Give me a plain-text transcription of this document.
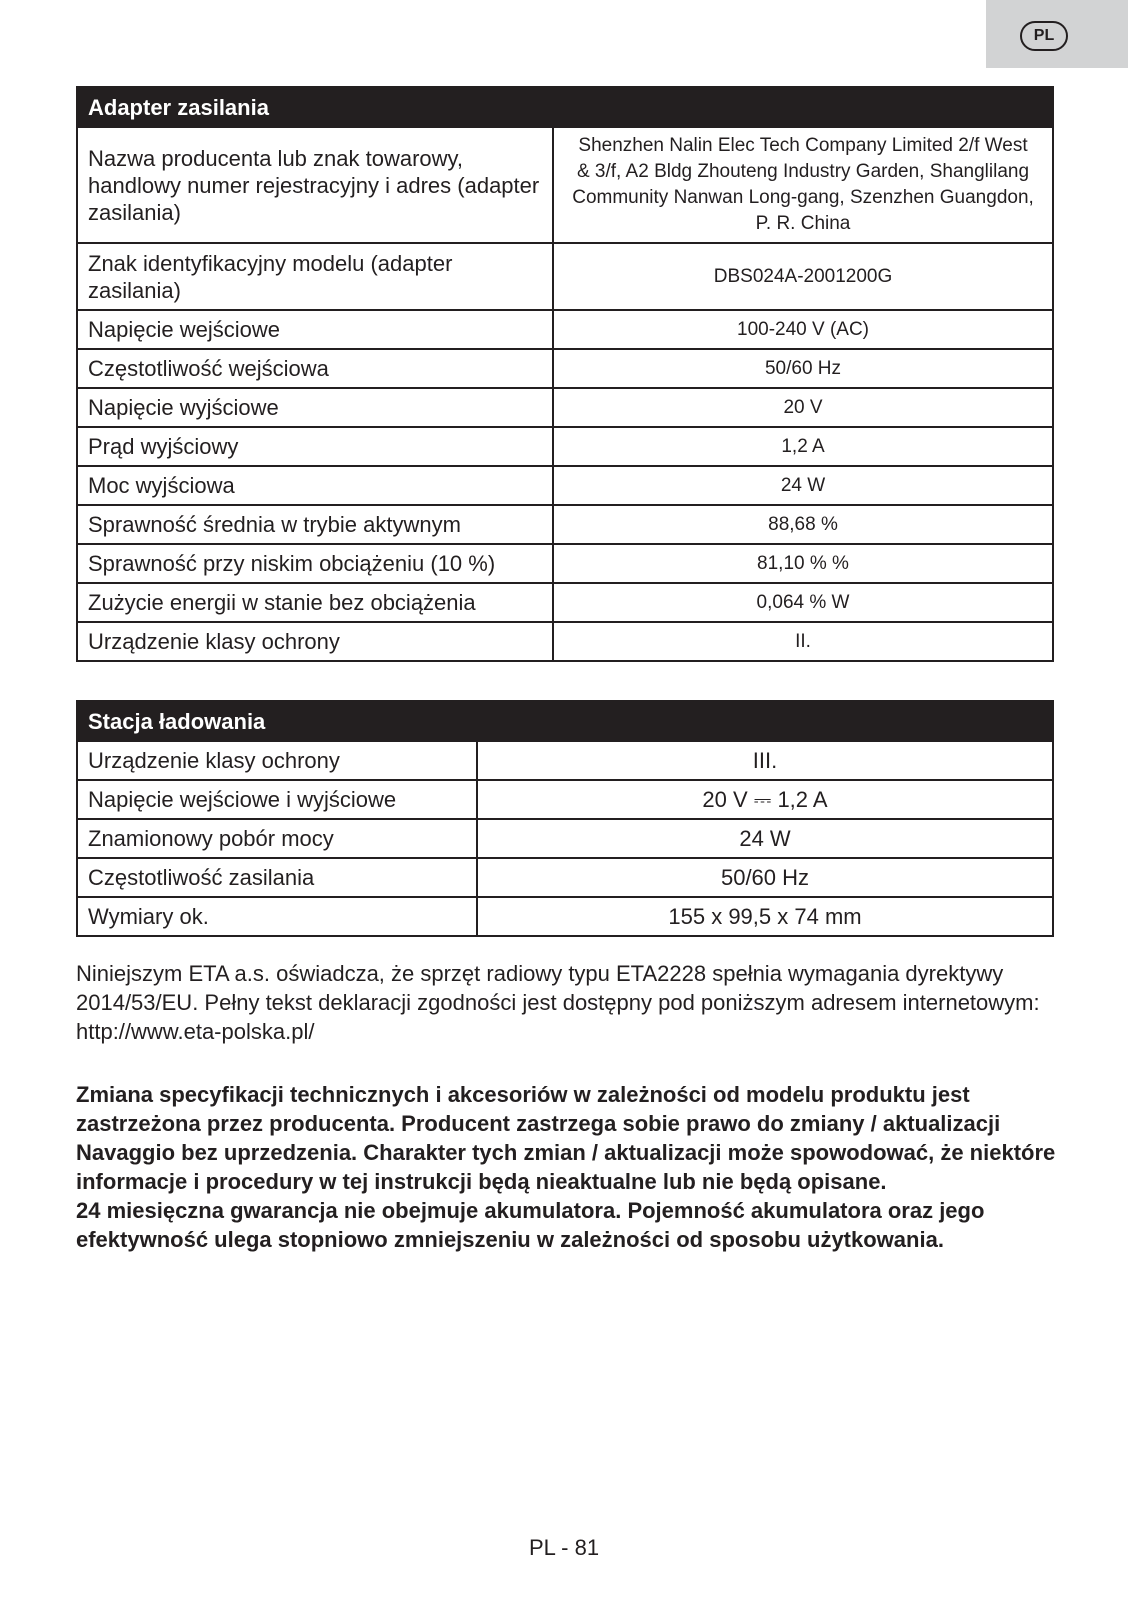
PL
Adapter zasilania	
Nazwa producenta lub znak towarowy, handlowy numer rejestracyjny i adres (adapter zasilania)	Shenzhen Nalin Elec Tech Company Limited 2/f West & 3/f, A2 Bldg Zhouteng Industry Garden, Shanglilang Community Nanwan Long-gang, Szenzhen Guangdon, P. R. China
Znak identyfikacyjny modelu (adapter zasilania)	DBS024A-2001200G
Napięcie wejściowe	100-240 V (AC)
Częstotliwość wejściowa	50/60 Hz
Napięcie wyjściowe	20 V
Prąd wyjściowy	1,2 A
Moc wyjściowa	24 W
Sprawność średnia w trybie aktywnym	88,68 %
Sprawność przy niskim obciążeniu (10 %)	81,10 % %
Zużycie energii w stanie bez obciążenia	0,064 % W
Urządzenie klasy ochrony	II.
Stacja ładowania	
Urządzenie klasy ochrony	III.
Napięcie wejściowe i wyjściowe	20 V ⎓ 1,2 A
Znamionowy pobór mocy	24 W
Częstotliwość zasilania	50/60 Hz
Wymiary ok.	155 x 99,5 x 74 mm

Niniejszym ETA a.s. oświadcza, że sprzęt radiowy typu ETA2228 spełnia wymagania dyrektywy 2014/53/EU. Pełny tekst deklaracji zgodności jest dostępny pod poniższym adresem internetowym: http://www.eta-polska.pl/

Zmiana specyfikacji technicznych i akcesoriów w zależności od modelu produktu jest zastrzeżona przez producenta. Producent zastrzega sobie prawo do zmiany / aktualizacji Navaggio bez uprzedzenia. Charakter tych zmian / aktualizacji może spowodować, że niektóre informacje i procedury w tej instrukcji będą nieaktualne lub nie będą opisane.
24 miesięczna gwarancja nie obejmuje akumulatora. Pojemność akumulatora oraz jego efektywność ulega stopniowo zmniejszeniu w zależności od sposobu użytkowania.
PL - 81
